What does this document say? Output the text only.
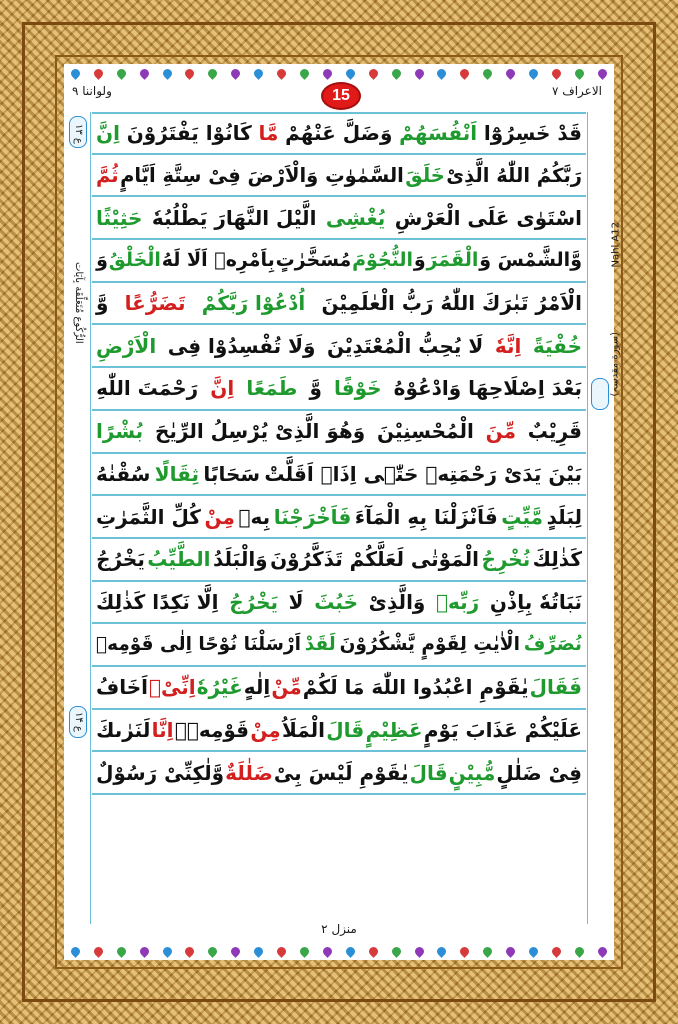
ولواننا ۹	15	الاعراف ۷
ع ۱۳
الرُّكُوع مُتَعَلِّقَة بِآيَات
ع ۱۴
قَدْ خَسِرُوْٓا
اَنْفُسَهُمْ
وَضَلَّ عَنْهُمْ
مَّا
كَانُوْا يَفْتَرُوْنَ
اِنَّ
رَبَّكُمُ اللّٰهُ الَّذِیْ
خَلَقَ
السَّمٰوٰتِ وَالْاَرْضَ فِیْ سِتَّةِ اَیَّامٍ
ثُمَّ
اسْتَوٰی عَلَی الْعَرْشِ
یُغْشِی
الَّیْلَ النَّهَارَ یَطْلُبُهٗ
حَثِیْثًا
وَّالشَّمْسَ وَ
الْقَمَرَ
وَ
النُّجُوْمَ
مُسَخَّرٰتٍ
بِاَمْرِهٖ اَلَا لَهُ
الْخَلْقُ
وَ
الْاَمْرُ تَبٰرَكَ اللّٰهُ رَبُّ الْعٰلَمِیْنَ
اُدْعُوْا رَبَّكُمْ
تَضَرُّعًا
وَّ
خُفْیَةً
اِنَّهٗ
لَا یُحِبُّ الْمُعْتَدِیْنَ
وَلَا تُفْسِدُوْا فِی
الْاَرْضِ
بَعْدَ اِصْلَاحِهَا وَادْعُوْهُ
خَوْفًا
وَّ
طَمَعًا
اِنَّ
رَحْمَتَ اللّٰهِ
قَرِیْبٌ
مِّنَ
الْمُحْسِنِیْنَ
وَهُوَ الَّذِیْ یُرْسِلُ الرِّیٰحَ
بُشْرًا
بَیْنَ یَدَیْ رَحْمَتِهٖ حَتّٰۤی اِذَاۤ اَقَلَّتْ
سَحَابًا
ثِقَالًا
سُقْنٰهُ
لِبَلَدٍ
مَّیِّتٍ
فَاَنْزَلْنَا بِهِ الْمَآءَ
فَاَخْرَجْنَا
بِهٖ
مِنْ
كُلِّ الثَّمَرٰتِ
كَذٰلِكَ
نُخْرِجُ
الْمَوْتٰی لَعَلَّكُمْ تَذَكَّرُوْنَ
وَالْبَلَدُ
الطَّیِّبُ
یَخْرُجُ
نَبَاتُهٗ بِاِذْنِ
رَبِّهٖ
وَالَّذِیْ
خَبُثَ
لَا
یَخْرُجُ
اِلَّا نَكِدًا كَذٰلِكَ
نُصَرِّفُ
الْاٰیٰتِ لِقَوْمٍ یَّشْكُرُوْنَ
لَقَدْ
اَرْسَلْنَا نُوْحًا اِلٰی قَوْمِهٖ
فَقَالَ
یٰقَوْمِ اعْبُدُوا اللّٰهَ مَا لَكُمْ
مِّنْ
اِلٰهٍ
غَیْرُهٗ
اِنِّیْۤ
اَخَافُ
عَلَیْكُمْ عَذَابَ یَوْمٍ
عَظِیْمٍ
قَالَ
الْمَلَاُ
مِنْ
قَوْمِهٖۤ
اِنَّا
لَنَرٰىكَ
فِیْ ضَلٰلٍ
مُّبِیْنٍ
قَالَ
یٰقَوْمِ لَیْسَ بِیْ
ضَلٰلَةٌ
وَّلٰكِنِّیْ رَسُوْلٌ
Nahl A12
(سورة مقدسہ)
منزل ۲
